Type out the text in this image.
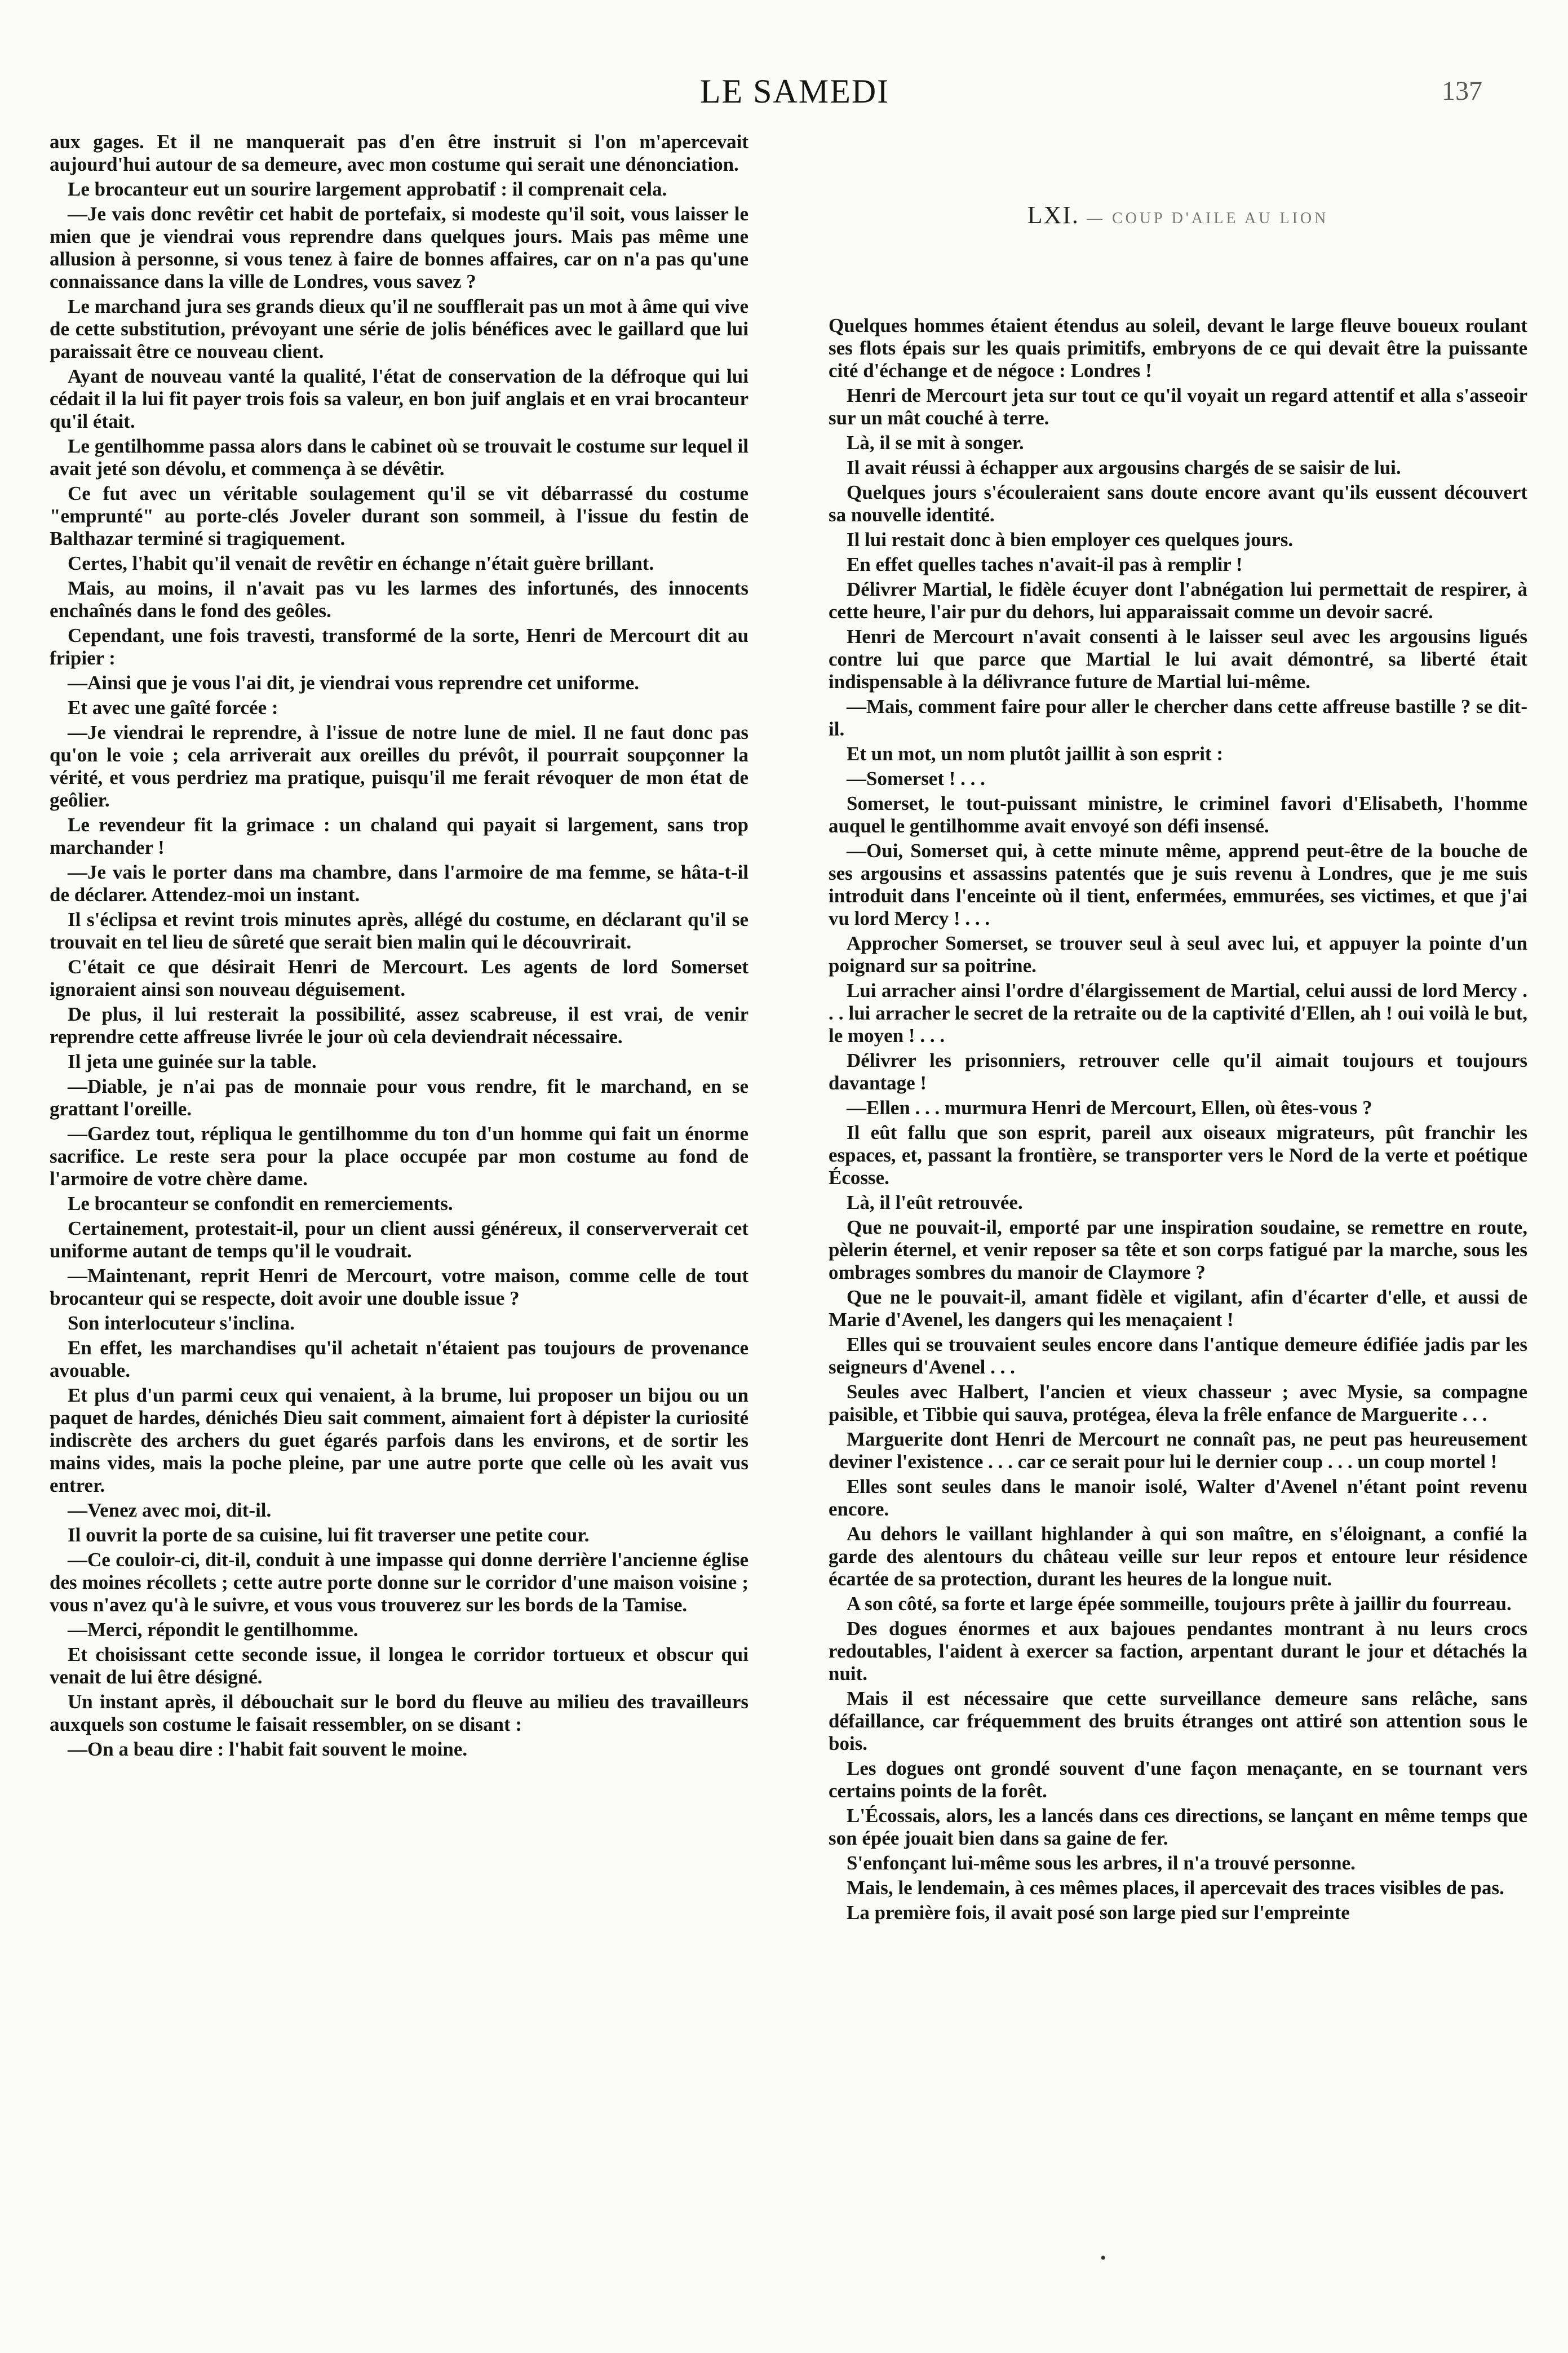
LE SAMEDI	137

aux gages. Et il ne manquerait pas d'en être instruit si l'on m'apercevait aujourd'hui autour de sa demeure, avec mon costume qui serait une dénonciation.

Le brocanteur eut un sourire largement approbatif : il comprenait cela.

—Je vais donc revêtir cet habit de portefaix, si modeste qu'il soit, vous laisser le mien que je viendrai vous reprendre dans quelques jours. Mais pas même une allusion à personne, si vous tenez à faire de bonnes affaires, car on n'a pas qu'une connaissance dans la ville de Londres, vous savez ?

Le marchand jura ses grands dieux qu'il ne soufflerait pas un mot à âme qui vive de cette substitution, prévoyant une série de jolis bénéfices avec le gaillard que lui paraissait être ce nouveau client.

Ayant de nouveau vanté la qualité, l'état de conservation de la défroque qui lui cédait il la lui fit payer trois fois sa valeur, en bon juif anglais et en vrai brocanteur qu'il était.

Le gentilhomme passa alors dans le cabinet où se trouvait le costume sur lequel il avait jeté son dévolu, et commença à se dévêtir.

Ce fut avec un véritable soulagement qu'il se vit débarrassé du costume "emprunté" au porte-clés Joveler durant son sommeil, à l'issue du festin de Balthazar terminé si tragiquement.

Certes, l'habit qu'il venait de revêtir en échange n'était guère brillant.

Mais, au moins, il n'avait pas vu les larmes des infortunés, des innocents enchaînés dans le fond des geôles.

Cependant, une fois travesti, transformé de la sorte, Henri de Mercourt dit au fripier :

—Ainsi que je vous l'ai dit, je viendrai vous reprendre cet uniforme.

Et avec une gaîté forcée :

—Je viendrai le reprendre, à l'issue de notre lune de miel. Il ne faut donc pas qu'on le voie ; cela arriverait aux oreilles du prévôt, il pourrait soupçonner la vérité, et vous perdriez ma pratique, puisqu'il me ferait révoquer de mon état de geôlier.

Le revendeur fit la grimace : un chaland qui payait si largement, sans trop marchander !

—Je vais le porter dans ma chambre, dans l'armoire de ma femme, se hâta-t-il de déclarer. Attendez-moi un instant.

Il s'éclipsa et revint trois minutes après, allégé du costume, en déclarant qu'il se trouvait en tel lieu de sûreté que serait bien malin qui le découvrirait.

C'était ce que désirait Henri de Mercourt. Les agents de lord Somerset ignoraient ainsi son nouveau déguisement.

De plus, il lui resterait la possibilité, assez scabreuse, il est vrai, de venir reprendre cette affreuse livrée le jour où cela deviendrait nécessaire.

Il jeta une guinée sur la table.

—Diable, je n'ai pas de monnaie pour vous rendre, fit le marchand, en se grattant l'oreille.

—Gardez tout, répliqua le gentilhomme du ton d'un homme qui fait un énorme sacrifice. Le reste sera pour la place occupée par mon costume au fond de l'armoire de votre chère dame.

Le brocanteur se confondit en remerciements.

Certainement, protestait-il, pour un client aussi généreux, il conserververait cet uniforme autant de temps qu'il le voudrait.

—Maintenant, reprit Henri de Mercourt, votre maison, comme celle de tout brocanteur qui se respecte, doit avoir une double issue ?

Son interlocuteur s'inclina.

En effet, les marchandises qu'il achetait n'étaient pas toujours de provenance avouable.

Et plus d'un parmi ceux qui venaient, à la brume, lui proposer un bijou ou un paquet de hardes, dénichés Dieu sait comment, aimaient fort à dépister la curiosité indiscrète des archers du guet égarés parfois dans les environs, et de sortir les mains vides, mais la poche pleine, par une autre porte que celle où les avait vus entrer.

—Venez avec moi, dit-il.

Il ouvrit la porte de sa cuisine, lui fit traverser une petite cour.

—Ce couloir-ci, dit-il, conduit à une impasse qui donne derrière l'ancienne église des moines récollets ; cette autre porte donne sur le corridor d'une maison voisine ; vous n'avez qu'à le suivre, et vous vous trouverez sur les bords de la Tamise.

—Merci, répondit le gentilhomme.

Et choisissant cette seconde issue, il longea le corridor tortueux et obscur qui venait de lui être désigné.

Un instant après, il débouchait sur le bord du fleuve au milieu des travailleurs auxquels son costume le faisait ressembler, on se disant :

—On a beau dire : l'habit fait souvent le moine.

LXI. — COUP D'AILE AU LION

Quelques hommes étaient étendus au soleil, devant le large fleuve boueux roulant ses flots épais sur les quais primitifs, embryons de ce qui devait être la puissante cité d'échange et de négoce : Londres !

Henri de Mercourt jeta sur tout ce qu'il voyait un regard attentif et alla s'asseoir sur un mât couché à terre.

Là, il se mit à songer.

Il avait réussi à échapper aux argousins chargés de se saisir de lui.

Quelques jours s'écouleraient sans doute encore avant qu'ils eussent découvert sa nouvelle identité.

Il lui restait donc à bien employer ces quelques jours.

En effet quelles taches n'avait-il pas à remplir !

Délivrer Martial, le fidèle écuyer dont l'abnégation lui permettait de respirer, à cette heure, l'air pur du dehors, lui apparaissait comme un devoir sacré.

Henri de Mercourt n'avait consenti à le laisser seul avec les argousins ligués contre lui que parce que Martial le lui avait démontré, sa liberté était indispensable à la délivrance future de Martial lui-même.

—Mais, comment faire pour aller le chercher dans cette affreuse bastille ? se dit-il.

Et un mot, un nom plutôt jaillit à son esprit :

—Somerset ! . . .

Somerset, le tout-puissant ministre, le criminel favori d'Elisabeth, l'homme auquel le gentilhomme avait envoyé son défi insensé.

—Oui, Somerset qui, à cette minute même, apprend peut-être de la bouche de ses argousins et assassins patentés que je suis revenu à Londres, que je me suis introduit dans l'enceinte où il tient, enfermées, emmurées, ses victimes, et que j'ai vu lord Mercy ! . . .

Approcher Somerset, se trouver seul à seul avec lui, et appuyer la pointe d'un poignard sur sa poitrine.

Lui arracher ainsi l'ordre d'élargissement de Martial, celui aussi de lord Mercy . . . lui arracher le secret de la retraite ou de la captivité d'Ellen, ah ! oui voilà le but, le moyen ! . . .

Délivrer les prisonniers, retrouver celle qu'il aimait toujours et toujours davantage !

—Ellen . . . murmura Henri de Mercourt, Ellen, où êtes-vous ?

Il eût fallu que son esprit, pareil aux oiseaux migrateurs, pût franchir les espaces, et, passant la frontière, se transporter vers le Nord de la verte et poétique Écosse.

Là, il l'eût retrouvée.

Que ne pouvait-il, emporté par une inspiration soudaine, se remettre en route, pèlerin éternel, et venir reposer sa tête et son corps fatigué par la marche, sous les ombrages sombres du manoir de Claymore ?

Que ne le pouvait-il, amant fidèle et vigilant, afin d'écarter d'elle, et aussi de Marie d'Avenel, les dangers qui les menaçaient !

Elles qui se trouvaient seules encore dans l'antique demeure édifiée jadis par les seigneurs d'Avenel . . .

Seules avec Halbert, l'ancien et vieux chasseur ; avec Mysie, sa compagne paisible, et Tibbie qui sauva, protégea, éleva la frêle enfance de Marguerite . . .

Marguerite dont Henri de Mercourt ne connaît pas, ne peut pas heureusement deviner l'existence . . . car ce serait pour lui le dernier coup . . . un coup mortel !

Elles sont seules dans le manoir isolé, Walter d'Avenel n'étant point revenu encore.

Au dehors le vaillant highlander à qui son maître, en s'éloignant, a confié la garde des alentours du château veille sur leur repos et entoure leur résidence écartée de sa protection, durant les heures de la longue nuit.

A son côté, sa forte et large épée sommeille, toujours prête à jaillir du fourreau.

Des dogues énormes et aux bajoues pendantes montrant à nu leurs crocs redoutables, l'aident à exercer sa faction, arpentant durant le jour et détachés la nuit.

Mais il est nécessaire que cette surveillance demeure sans relâche, sans défaillance, car fréquemment des bruits étranges ont attiré son attention sous le bois.

Les dogues ont grondé souvent d'une façon menaçante, en se tournant vers certains points de la forêt.

L'Écossais, alors, les a lancés dans ces directions, se lançant en même temps que son épée jouait bien dans sa gaine de fer.

S'enfonçant lui-même sous les arbres, il n'a trouvé personne.

Mais, le lendemain, à ces mêmes places, il apercevait des traces visibles de pas.

La première fois, il avait posé son large pied sur l'empreinte

•
